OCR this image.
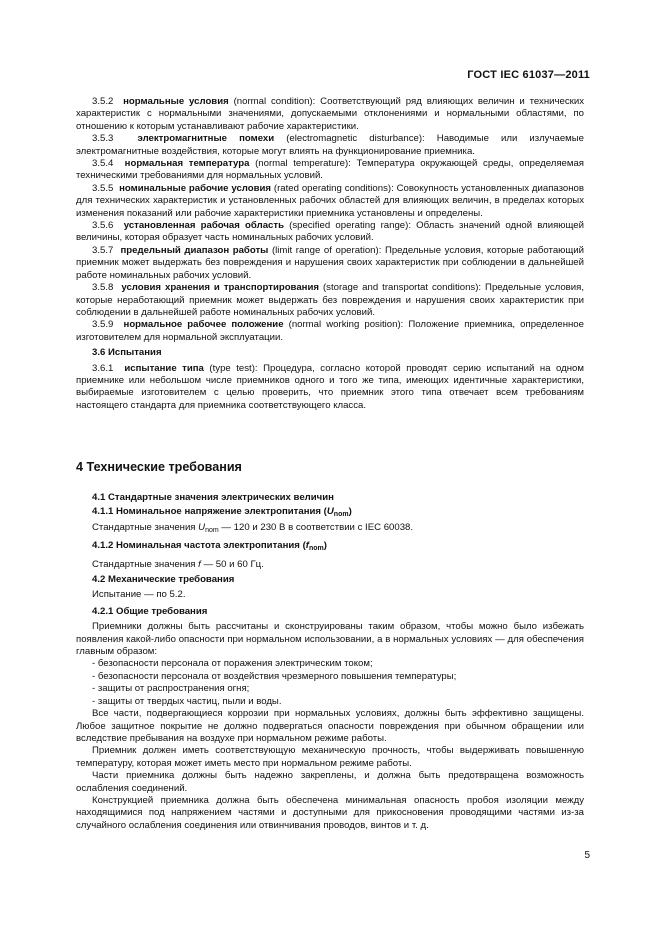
ГОСТ IEC 61037—2011

3.5.2 нормальные условия (normal condition): Соответствующий ряд влияющих величин и технических характеристик с нормальными значениями, допускаемыми отклонениями и нормальными областями, по отношению к которым устанавливают рабочие характеристики.

3.5.3	электромагнитные помехи (electromagnetic disturbance): Наводимые или излучаемые электромагнитные воздействия, которые могут влиять на функционирование приемника.

3.5.4 нормальная температура (normal temperature): Температура окружающей среды, определяемая техническими требованиями для нормальных условий.

3.5.5 номинальные рабочие условия (rated operating conditions): Совокупность установленных диапазонов для технических характеристик и установленных рабочих областей для влияющих величин, в пределах которых изменения показаний или рабочие характеристики приемника установлены и определены.

3.5.6 установленная рабочая область (specified operating range): Область значений одной влияющей величины, которая образует часть номинальных рабочих условий.

3.5.7 предельный диапазон работы (limit range of operation): Предельные условия, которые работающий приемник может выдержать без повреждения и нарушения своих характеристик при соблюдении в дальнейшей работе номинальных рабочих условий.

3.5.8 условия хранения и транспортирования (storage and transportat conditions): Предельные условия, которые неработающий приемник может выдержать без повреждения и нарушения своих характеристик при соблюдении в дальнейшей работе номинальных рабочих условий.

3.5.9 нормальное рабочее положение (normal working position): Положение приемника, определенное изготовителем для нормальной эксплуатации.

3.6 Испытания

3.6.1 испытание типа (type test): Процедура, согласно которой проводят серию испытаний на одном приемнике или небольшом числе приемников одного и того же типа, имеющих идентичные характеристики, выбираемые изготовителем с целью проверить, что приемник этого типа отвечает всем требованиям настоящего стандарта для приемника соответствующего класса.

4 Технические требования

4.1 Стандартные значения электрических величин

4.1.1 Номинальное напряжение электропитания $(U_{nom})$

Стандартные значения $U_{nom}$ — 120 и 230 В в соответствии с IEC 60038.

4.1.2 Номинальная частота электропитания $(f_{nom})$

Стандартные значения f — 50 и 60 Гц.

4.2 Механические требования

Испытание — по 5.2.

4.2.1 Общие требования

Приемники должны быть рассчитаны и сконструированы таким образом, чтобы можно было избежать появления какой-либо опасности при нормальном использовании, а в нормальных условиях — для обеспечения главным образом:

- безопасности персонала от поражения электрическим током;

- безопасности персонала от воздействия чрезмерного повышения температуры;

- защиты от распространения огня;

- защиты от твердых частиц, пыли и воды.

Все части, подвергающиеся коррозии при нормальных условиях, должны быть эффективно защищены. Любое защитное покрытие не должно подвергаться опасности повреждения при обычном обращении или вследствие пребывания на воздухе при нормальном режиме работы.

Приемник должен иметь соответствующую механическую прочность, чтобы выдерживать повышенную температуру, которая может иметь место при нормальном режиме работы.

Части приемника должны быть надежно закреплены, и должна быть предотвращена возможность ослабления соединений.

Конструкцией приемника должна быть обеспечена минимальная опасность пробоя изоляции между находящимися под напряжением частями и доступными для прикосновения проводящими частями из-за случайного ослабления соединения или отвинчивания проводов, винтов и т. д.

5
